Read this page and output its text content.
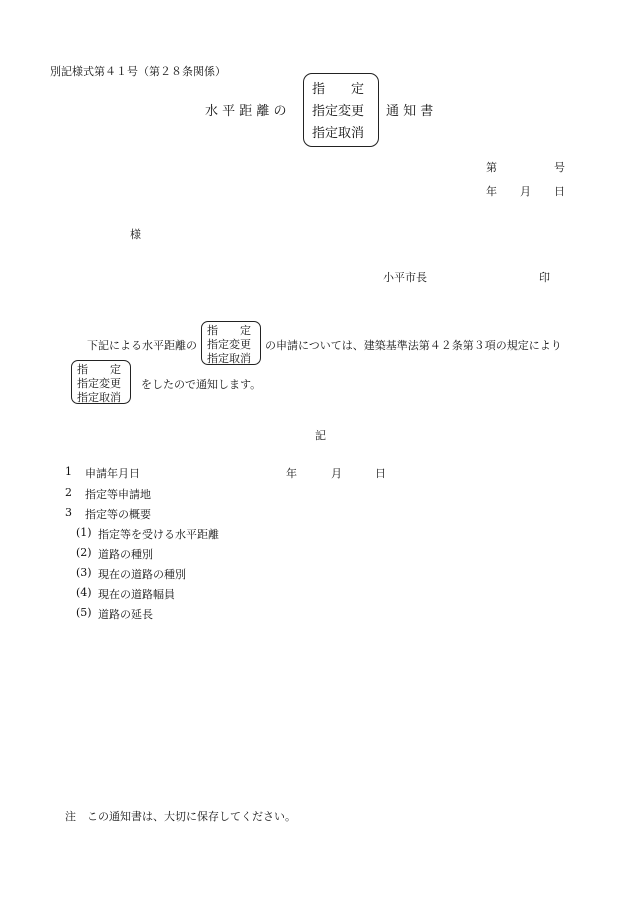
別記様式第４１号（第２８条関係）
水 平 距 離 の
指　　定
指定変更
指定取消
通 知 書
第	号
年 月 日
様
小平市長	印
下記による水平距離の
指　　定
指定変更
指定取消
の申請については、建築基準法第４２条第３項の規定により
指　　定
指定変更
指定取消
をしたので通知します。
記
1 申請年月日	年	月	日
2 指定等申請地
3 指定等の概要
(1) 指定等を受ける水平距離
(2) 道路の種別
(3) 現在の道路の種別
(4) 現在の道路幅員
(5) 道路の延長
注 この通知書は、大切に保存してください。
